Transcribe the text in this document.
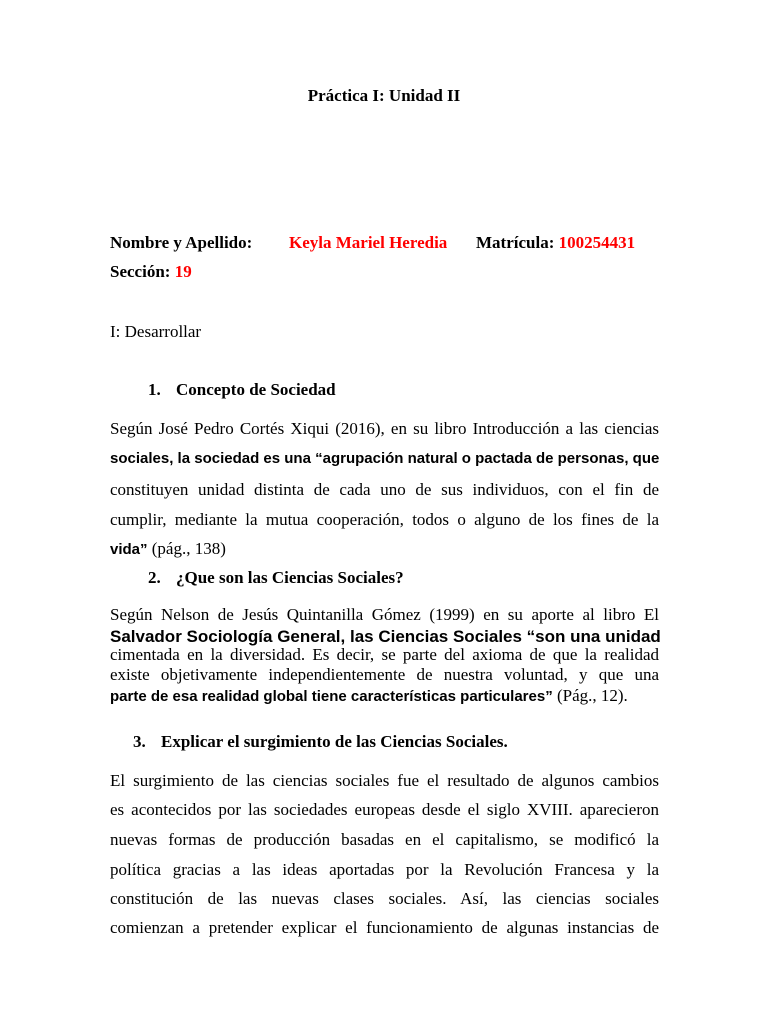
Práctica I: Unidad II
Nombre y Apellido: Keyla Mariel Heredia Matrícula: 100254431
Sección: 19
I: Desarrollar
1. Concepto de Sociedad
Según José Pedro Cortés Xiqui (2016), en su libro Introducción a las ciencias
sociales, la sociedad es una “agrupación natural o pactada de personas, que
constituyen unidad distinta de cada uno de sus individuos, con el fin de
cumplir, mediante la mutua cooperación, todos o alguno de los fines de la
vida” (pág., 138)
2. ¿Que son las Ciencias Sociales?
Según Nelson de Jesús Quintanilla Gómez (1999) en su aporte al libro El
Salvador Sociología General, las Ciencias Sociales “son una unidad
cimentada en la diversidad. Es decir, se parte del axioma de que la realidad
existe objetivamente independientemente de nuestra voluntad, y que una
parte de esa realidad global tiene características particulares” (Pág., 12).
3. Explicar el surgimiento de las Ciencias Sociales.
El surgimiento de las ciencias sociales fue el resultado de algunos cambios
es acontecidos por las sociedades europeas desde el siglo XVIII. aparecieron
nuevas formas de producción basadas en el capitalismo, se modificó la
política gracias a las ideas aportadas por la Revolución Francesa y la
constitución de las nuevas clases sociales. Así, las ciencias sociales
comienzan a pretender explicar el funcionamiento de algunas instancias de
